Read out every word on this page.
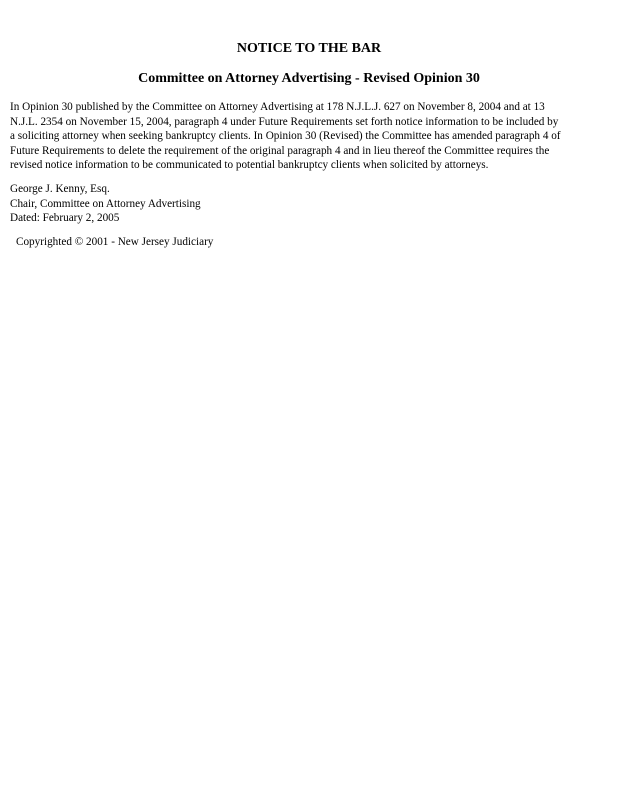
NOTICE TO THE BAR
Committee on Attorney Advertising - Revised Opinion 30

In Opinion 30 published by the Committee on Attorney Advertising at 178 N.J.L.J. 627 on November 8, 2004 and at 13
N.J.L. 2354 on November 15, 2004, paragraph 4 under Future Requirements set forth notice information to be included by
a soliciting attorney when seeking bankruptcy clients. In Opinion 30 (Revised) the Committee has amended paragraph 4 of
Future Requirements to delete the requirement of the original paragraph 4 and in lieu thereof the Committee requires the
revised notice information to be communicated to potential bankruptcy clients when solicited by attorneys.

George J. Kenny, Esq.
Chair, Committee on Attorney Advertising
Dated: February 2, 2005

Copyrighted © 2001 - New Jersey Judiciary
